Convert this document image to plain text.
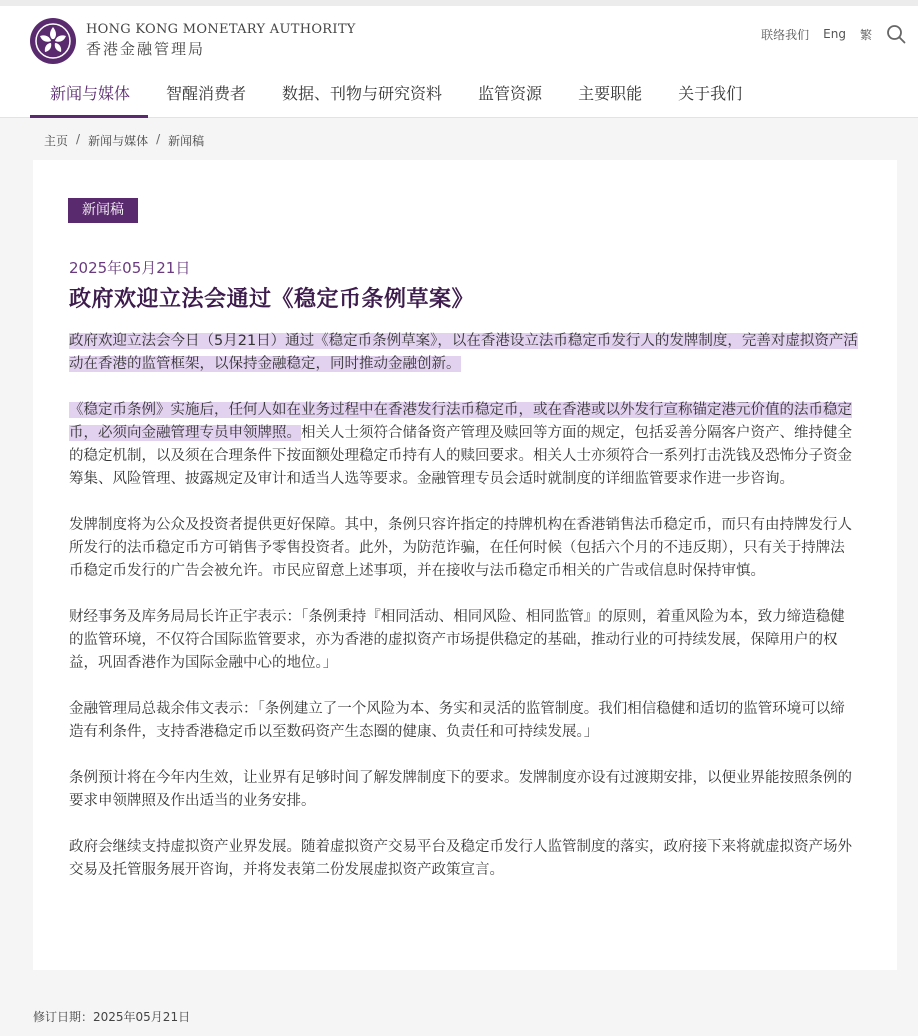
HONG KONG MONETARY AUTHORITY
香港金融管理局
联络我们 Eng 繁
新闻与媒体	智醒消费者	数据、刊物与研究资料	监管资源	主要职能	关于我们
主页 / 新闻与媒体 / 新闻稿
新闻稿
2025年05月21日
政府欢迎立法会通过《稳定币条例草案》

政府欢迎立法会今日（5月21日）通过《稳定币条例草案》，以在香港设立法币稳定币发行人的发牌制度，完善对虚拟资产活动在香港的监管框架，以保持金融稳定，同时推动金融创新。

《稳定币条例》实施后，任何人如在业务过程中在香港发行法币稳定币，或在香港或以外发行宣称锚定港元价值的法币稳定币，必须向金融管理专员申领牌照。相关人士须符合储备资产管理及赎回等方面的规定，包括妥善分隔客户资产、维持健全的稳定机制，以及须在合理条件下按面额处理稳定币持有人的赎回要求。相关人士亦须符合一系列打击洗钱及恐怖分子资金筹集、风险管理、披露规定及审计和适当人选等要求。金融管理专员会适时就制度的详细监管要求作进一步咨询。

发牌制度将为公众及投资者提供更好保障。其中，条例只容许指定的持牌机构在香港销售法币稳定币，而只有由持牌发行人所发行的法币稳定币方可销售予零售投资者。此外，为防范诈骗，在任何时候（包括六个月的不违反期），只有关于持牌法币稳定币发行的广告会被允许。市民应留意上述事项，并在接收与法币稳定币相关的广告或信息时保持审慎。

财经事务及库务局局长许正宇表示：「条例秉持『相同活动、相同风险、相同监管』的原则，着重风险为本，致力缔造稳健的监管环境，不仅符合国际监管要求，亦为香港的虚拟资产市场提供稳定的基础，推动行业的可持续发展，保障用户的权益，巩固香港作为国际金融中心的地位。」

金融管理局总裁余伟文表示：「条例建立了一个风险为本、务实和灵活的监管制度。我们相信稳健和适切的监管环境可以缔造有利条件，支持香港稳定币以至数码资产生态圈的健康、负责任和可持续发展。」

条例预计将在今年内生效，让业界有足够时间了解发牌制度下的要求。发牌制度亦设有过渡期安排，以便业界能按照条例的要求申领牌照及作出适当的业务安排。

政府会继续支持虚拟资产业界发展。随着虚拟资产交易平台及稳定币发行人监管制度的落实，政府接下来将就虚拟资产场外交易及托管服务展开咨询，并将发表第二份发展虚拟资产政策宣言。

修订日期：2025年05月21日
